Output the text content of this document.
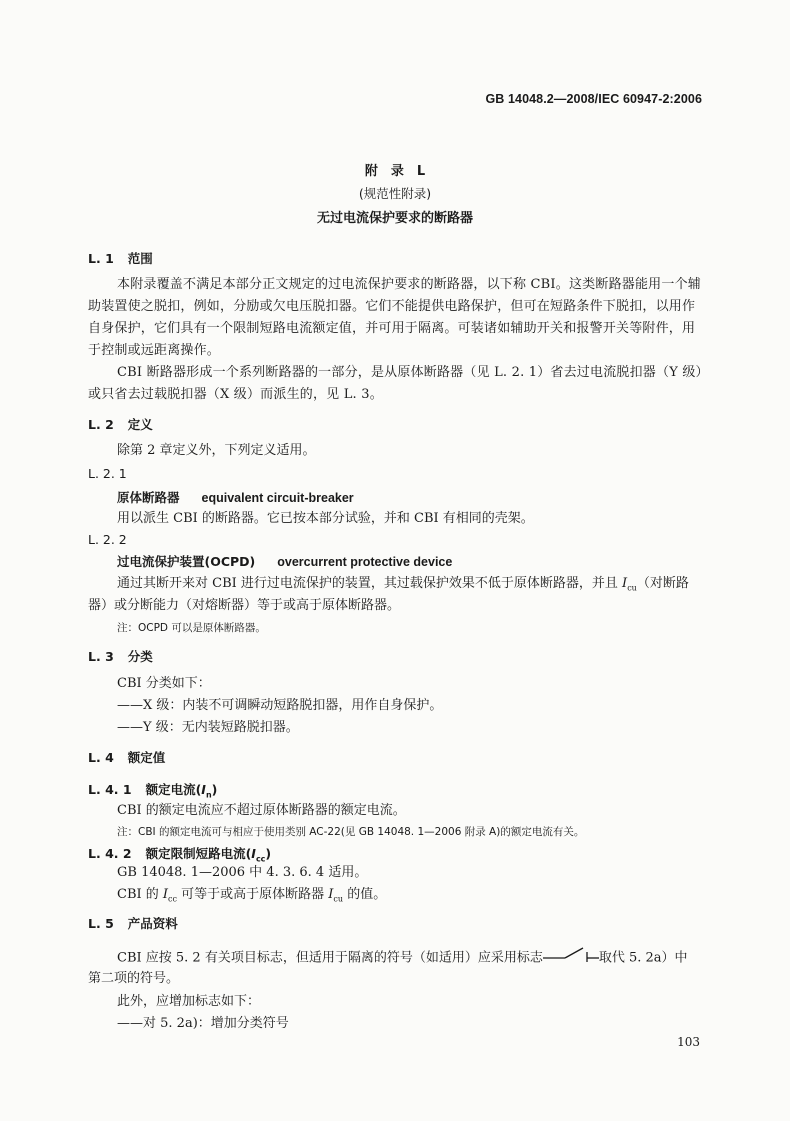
GB 14048.2—2008/IEC 60947-2:2006
附　录　L
(规范性附录)
无过电流保护要求的断路器
L. 1 范围
本附录覆盖不满足本部分正文规定的过电流保护要求的断路器，以下称 CBI。这类断路器能用一个辅助装置使之脱扣，例如，分励或欠电压脱扣器。它们不能提供电路保护，但可在短路条件下脱扣，以用作自身保护，它们具有一个限制短路电流额定值，并可用于隔离。可装诸如辅助开关和报警开关等附件，用于控制或远距离操作。
CBI 断路器形成一个系列断路器的一部分，是从原体断路器（见 L. 2. 1）省去过电流脱扣器（Y 级）或只省去过载脱扣器（X 级）而派生的，见 L. 3。
L. 2 定义
除第 2 章定义外，下列定义适用。
L. 2. 1
原体断路器 equivalent circuit-breaker
用以派生 CBI 的断路器。它已按本部分试验，并和 CBI 有相同的壳架。
L. 2. 2
过电流保护装置(OCPD) overcurrent protective device
通过其断开来对 CBI 进行过电流保护的装置，其过载保护效果不低于原体断路器，并且 $I_{cu}$（对断路
器）或分断能力（对熔断器）等于或高于原体断路器。
注：OCPD 可以是原体断路器。
L. 3 分类
CBI 分类如下：
——X 级：内装不可调瞬动短路脱扣器，用作自身保护。
——Y 级：无内装短路脱扣器。
L. 4 额定值
L. 4. 1 额定电流$(I_n)$
CBI 的额定电流应不超过原体断路器的额定电流。
注：CBI 的额定电流可与相应于使用类别 AC-22(见 GB 14048. 1—2006 附录 A)的额定电流有关。
L. 4. 2 额定限制短路电流$(I_{cc})$
GB 14048. 1—2006 中 4. 3. 6. 4 适用。
CBI 的 $I_{cc}$ 可等于或高于原体断路器 $I_{cu}$ 的值。
L. 5 产品资料
CBI 应按 5. 2 有关项目标志，但适用于隔离的符号（如适用）应采用标志	取代 5. 2a）中
第二项的符号。
此外，应增加标志如下：
——对 5. 2a)：增加分类符号
103
